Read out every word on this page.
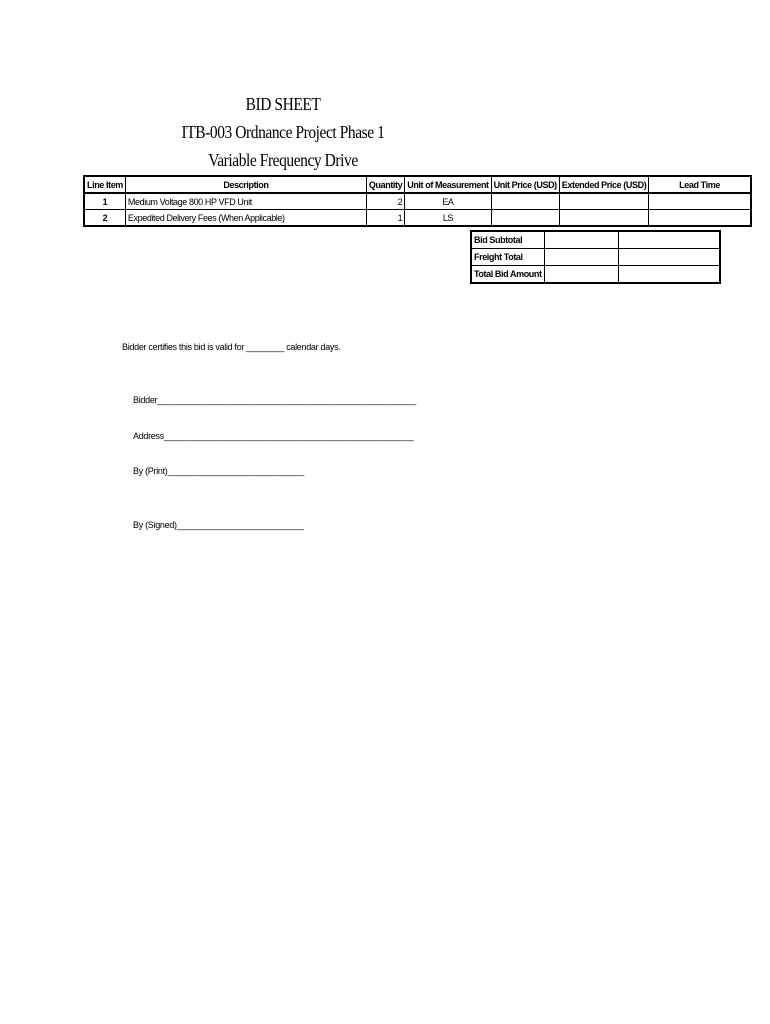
BID SHEET
ITB-003 Ordnance Project Phase 1
Variable Frequency Drive
Line Item	Description	Quantity	Unit of Measurement	Unit Price (USD)	Extended Price (USD)	Lead Time
1	Medium Voltage 800 HP VFD Unit	2	EA			
2	Expedited Delivery Fees (When Applicable)	1	LS			
Bid Subtotal		
Freight Total		
Total Bid Amount		
Bidder certifies this bid is valid for ________ calendar days.
Bidder_______________________________________________________
Address_____________________________________________________
By (Print)_____________________________
By (Signed)___________________________
